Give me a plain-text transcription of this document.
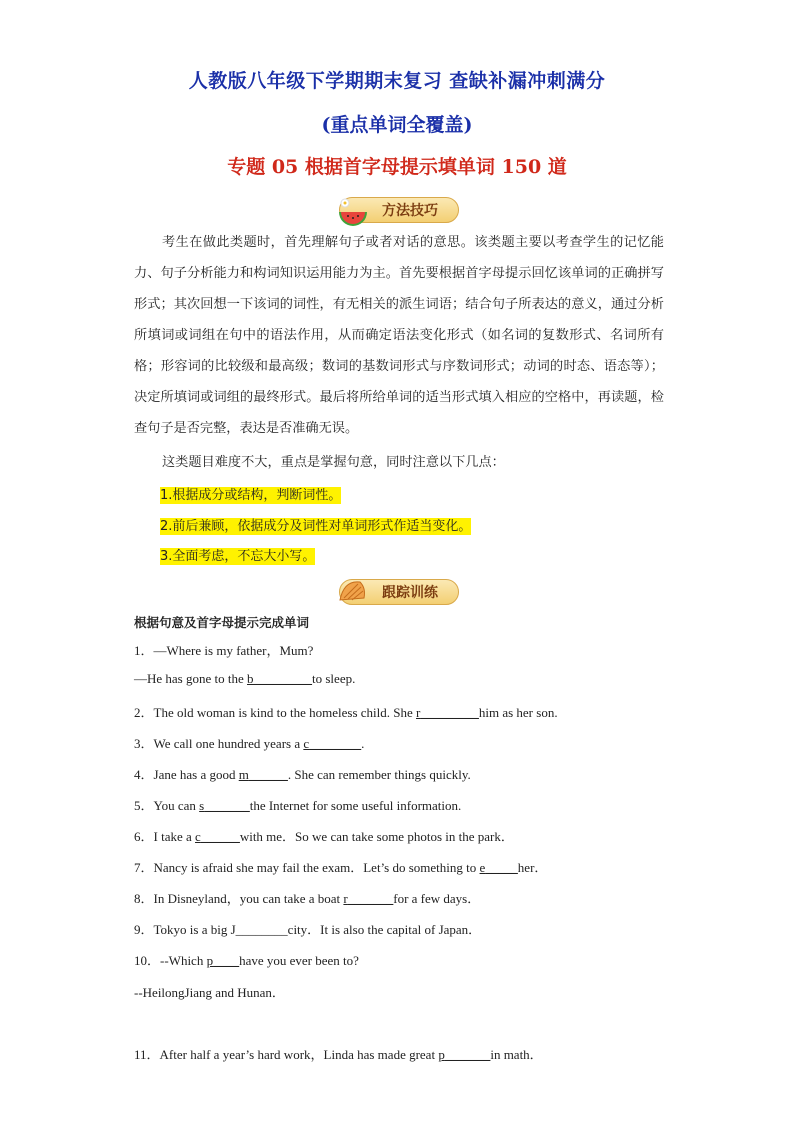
人教版八年级下学期期末复习 查缺补漏冲刺满分
(重点单词全覆盖)
专题 05 根据首字母提示填单词 150 道
方法技巧
考生在做此类题时，首先理解句子或者对话的意思。该类题主要以考查学生的记忆能力、句子分析能力和构词知识运用能力为主。首先要根据首字母提示回忆该单词的正确拼写形式；其次回想一下该词的词性，有无相关的派生词语；结合句子所表达的意义，通过分析所填词或词组在句中的语法作用，从而确定语法变化形式（如名词的复数形式、名词所有格；形容词的比较级和最高级；数词的基数词形式与序数词形式；动词的时态、语态等）；决定所填词或词组的最终形式。最后将所给单词的适当形式填入相应的空格中，再读题，检查句子是否完整，表达是否准确无误。
这类题目难度不大，重点是掌握句意，同时注意以下几点：
1.根据成分或结构，判断词性。
2.前后兼顾，依据成分及词性对单词形式作适当变化。
3.全面考虑，不忘大小写。
跟踪训练
根据句意及首字母提示完成单词
1．—Where is my father，Mum?
—He has gone to the b_________to sleep.
2．The old woman is kind to the homeless child. She r_________him as her son.
3．We call one hundred years a c________.
4．Jane has a good m______. She can remember things quickly.
5．You can s_______the Internet for some useful information.
6．I take a c______with me．So we can take some photos in the park．
7．Nancy is afraid she may fail the exam．Let’s do something to e_____her．
8．In Disneyland，you can take a boat r_______for a few days．
9．Tokyo is a big J________city．It is also the capital of Japan．
10．--Which p____have you ever been to?
--HeilongJiang and Hunan．
11．After half a year’s hard work，Linda has made great p_______in math．
